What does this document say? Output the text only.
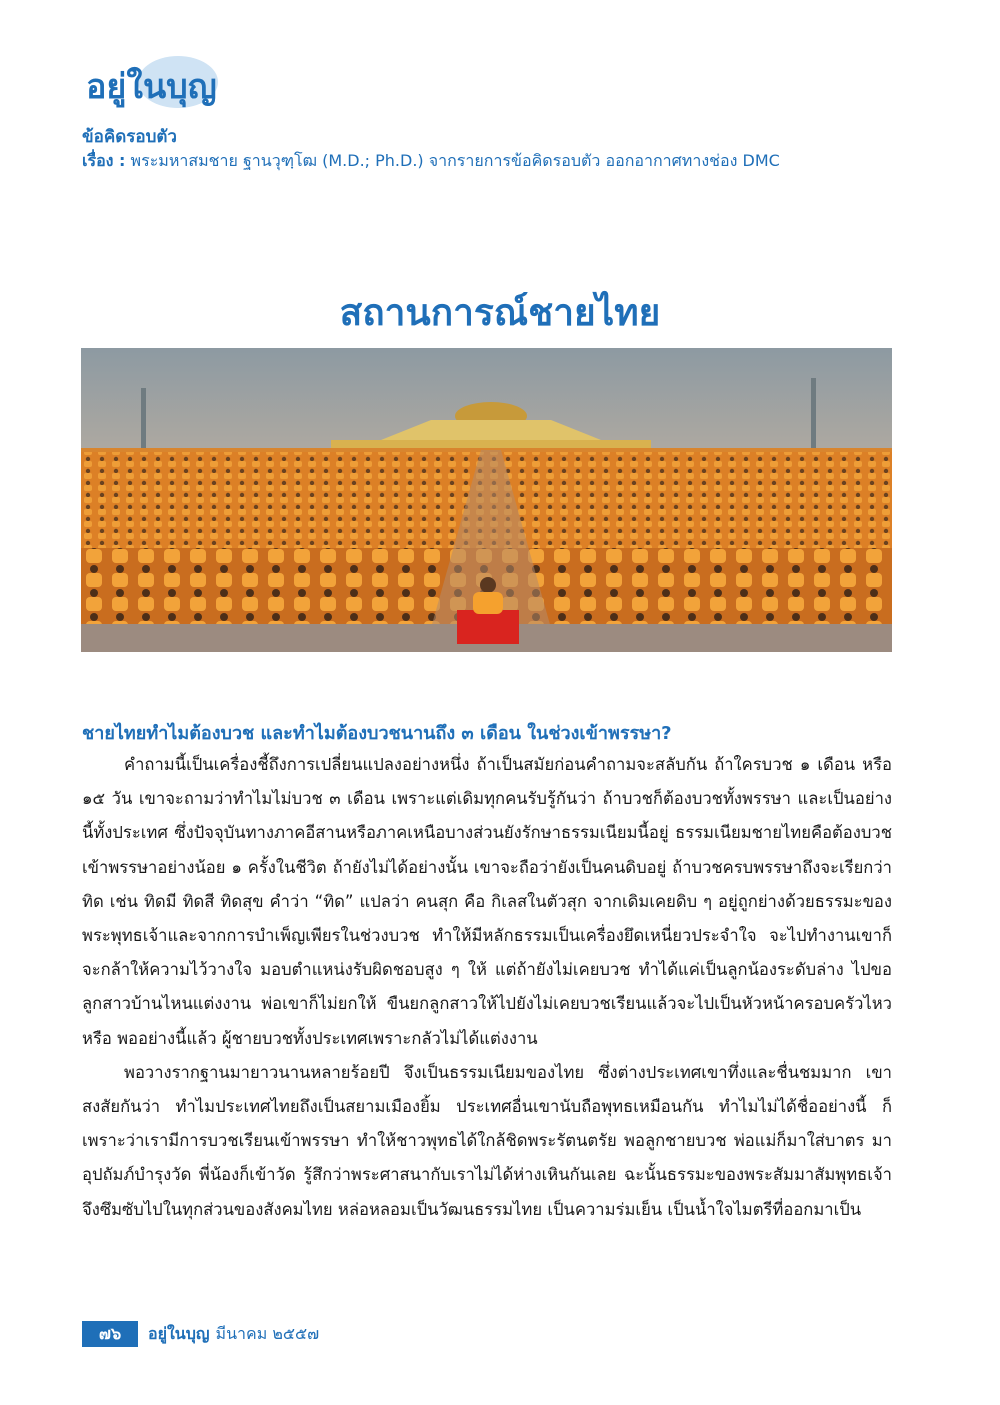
อยู่ในบุญ
ข้อคิดรอบตัว
เรื่อง : พระมหาสมชาย ฐานวุฑฺโฒ (M.D.; Ph.D.) จากรายการข้อคิดรอบตัว ออกอากาศทางช่อง DMC
สถานการณ์ชายไทย
ชายไทยทำไมต้องบวช และทำไมต้องบวชนานถึง ๓ เดือน ในช่วงเข้าพรรษา?

คำถามนี้เป็นเครื่องชี้ถึงการเปลี่ยนแปลงอย่างหนึ่ง ถ้าเป็นสมัยก่อนคำถามจะสลับกัน ถ้าใครบวช ๑ เดือน หรือ ๑๕ วัน เขาจะถามว่าทำไมไม่บวช ๓ เดือน เพราะแต่เดิมทุกคนรับรู้กันว่า ถ้าบวชก็ต้องบวชทั้งพรรษา และเป็นอย่างนี้ทั้งประเทศ ซึ่งปัจจุบันทางภาคอีสานหรือภาคเหนือบางส่วนยังรักษาธรรมเนียมนี้อยู่ ธรรมเนียมชายไทยคือต้องบวชเข้าพรรษาอย่างน้อย ๑ ครั้งในชีวิต ถ้ายังไม่ได้อย่างนั้น เขาจะถือว่ายังเป็นคนดิบอยู่ ถ้าบวชครบพรรษาถึงจะเรียกว่า ทิด เช่น ทิดมี ทิดสี ทิดสุข คำว่า “ทิด” แปลว่า คนสุก คือ กิเลสในตัวสุก จากเดิมเคยดิบ ๆ อยู่ถูกย่างด้วยธรรมะของพระพุทธเจ้าและจากการบำเพ็ญเพียรในช่วงบวช ทำให้มีหลักธรรมเป็นเครื่องยึดเหนี่ยวประจำใจ จะไปทำงานเขาก็จะกล้าให้ความไว้วางใจ มอบตำแหน่งรับผิดชอบสูง ๆ ให้ แต่ถ้ายังไม่เคยบวช ทำได้แค่เป็นลูกน้องระดับล่าง ไปขอลูกสาวบ้านไหนแต่งงาน พ่อเขาก็ไม่ยกให้ ขืนยกลูกสาวให้ไปยังไม่เคยบวชเรียนแล้วจะไปเป็นหัวหน้าครอบครัวไหวหรือ พออย่างนี้แล้ว ผู้ชายบวชทั้งประเทศเพราะกลัวไม่ได้แต่งงาน

พอวางรากฐานมายาวนานหลายร้อยปี จึงเป็นธรรมเนียมของไทย ซึ่งต่างประเทศเขาทึ่งและชื่นชมมาก เขาสงสัยกันว่า ทำไมประเทศไทยถึงเป็นสยามเมืองยิ้ม ประเทศอื่นเขานับถือพุทธเหมือนกัน ทำไมไม่ได้ชื่ออย่างนี้ ก็เพราะว่าเรามีการบวชเรียนเข้าพรรษา ทำให้ชาวพุทธได้ใกล้ชิดพระรัตนตรัย พอลูกชายบวช พ่อแม่ก็มาใส่บาตร มาอุปถัมภ์บำรุงวัด พี่น้องก็เข้าวัด รู้สึกว่าพระศาสนากับเราไม่ได้ห่างเหินกันเลย ฉะนั้นธรรมะของพระสัมมาสัมพุทธเจ้าจึงซึมซับไปในทุกส่วนของสังคมไทย หล่อหลอมเป็นวัฒนธรรมไทย เป็นความร่มเย็น เป็นน้ำใจไมตรีที่ออกมาเป็น

๗๖	อยู่ในบุญ มีนาคม ๒๕๕๗
